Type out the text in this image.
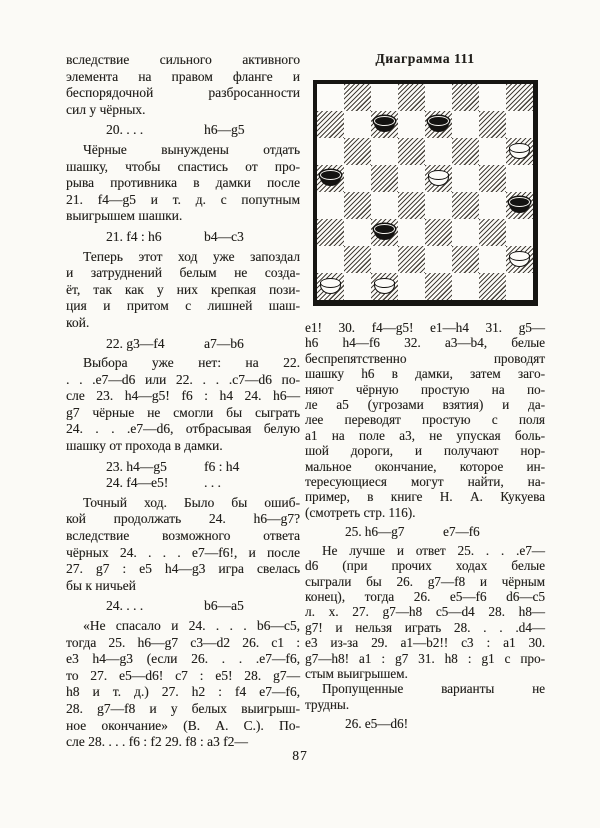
вследствие сильного активного
элемента на правом фланге и
беспорядочной разбросанности
сил у чёрных.
20. . . .	h6—g5
Чёрные вынуждены отдать
шашку, чтобы спастись от про-
рыва противника в дамки после
21. f4—g5 и т. д. с попутным
выигрышем шашки.
21. f4 : h6	b4—c3
Теперь этот ход уже запоздал
и затруднений белым не созда-
ёт, так как у них крепкая пози-
ция и притом с лишней шаш-
кой.
22. g3—f4	a7—b6
Выбора уже нет: на 22.
. . .e7—d6 или 22. . . .c7—d6 по-
сле 23. h4—g5! f6 : h4 24. h6—
g7 чёрные не смогли бы сыграть
24. . . .e7—d6, отбрасывая белую
шашку от прохода в дамки.
23. h4—g5	f6 : h4
24. f4—e5!	. . .
Точный ход. Было бы ошиб-
кой продолжать 24. h6—g7?
вследствие возможного ответа
чёрных 24. . . . e7—f6!, и после
27. g7 : e5 h4—g3 игра свелась
бы к ничьей
24. . . .	b6—a5
«Не спасало и 24. . . . b6—c5,
тогда 25. h6—g7 c3—d2 26. c1 :
e3 h4—g3 (если 26. . . .e7—f6,
то 27. e5—d6! c7 : e5! 28. g7—
h8 и т. д.) 27. h2 : f4 e7—f6,
28. g7—f8 и у белых выигрыш-
ное окончание» (В. А. С.). По-
сле 28. . . . f6 : f2 29. f8 : a3 f2—
Диаграмма 111
e1! 30. f4—g5! e1—h4 31. g5—
h6 h4—f6 32. a3—b4, белые
беспрепятственно проводят
шашку h6 в дамки, затем заго-
няют чёрную простую на по-
ле a5 (угрозами взятия) и да-
лее переводят простую с поля
a1 на поле a3, не упуская боль-
шой дороги, и получают нор-
мальное окончание, которое ин-
тересующиеся могут найти, на-
пример, в книге Н. А. Кукуева
(смотреть стр. 116).
25. h6—g7	e7—f6
Не лучше и ответ 25. . . .e7—
d6 (при прочих ходах белые
сыграли бы 26. g7—f8 и чёрным
конец), тогда 26. e5—f6 d6—c5
л. х. 27. g7—h8 c5—d4 28. h8—
g7! и нельзя играть 28. . . .d4—
e3 из-за 29. a1—b2!! c3 : a1 30.
g7—h8! a1 : g7 31. h8 : g1 с про-
стым выигрышем.
Пропущенные варианты не
трудны.
26. e5—d6!
87
